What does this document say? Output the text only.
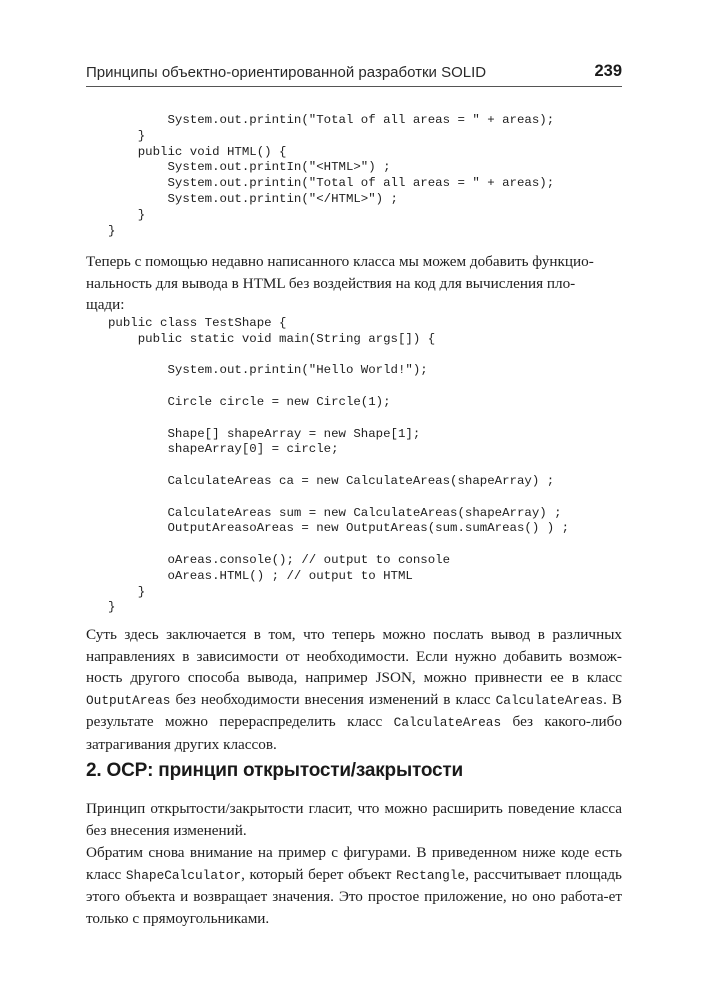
Принципы объектно-ориентированной разработки SOLID	239
System.out.printin("Total of all areas = " + areas);
}
public void HTML() {
System.out.printIn("<HTML>") ;
System.out.printin("Total of all areas = " + areas);
System.out.printin("</HTML>") ;
}
}

Теперь с помощью недавно написанного класса мы можем добавить функцио-
нальность для вывода в HTML без воздействия на код для вычисления пло-
щади:

public class TestShape {
public static void main(String args[]) {

System.out.printin("Hello World!");

Circle circle = new Circle(1);

Shape[] shapeArray = new Shape[1];
shapeArray[0] = circle;

CalculateAreas ca = new CalculateAreas(shapeArray) ;

CalculateAreas sum = new CalculateAreas(shapeArray) ;
OutputAreasoAreas = new OutputAreas(sum.sumAreas() ) ;

oAreas.console(); // output to console
oAreas.HTML() ; // output to HTML
}
}

Суть здесь заключается в том, что теперь можно послать вывод в различных направлениях в зависимости от необходимости. Если нужно добавить возмож-ность другого способа вывода, например JSON, можно привнести ее в класс OutputAreas без необходимости внесения изменений в класс CalculateAreas. В результате можно перераспределить класс CalculateAreas без какого-либо затрагивания других классов.

2. OCP: принцип открытости/закрытости

Принцип открытости/закрытости гласит, что можно расширить поведение класса без внесения изменений.

Обратим снова внимание на пример с фигурами. В приведенном ниже коде есть класс ShapeCalculator, который берет объект Rectangle, рассчитывает площадь этого объекта и возвращает значения. Это простое приложение, но оно работа-ет только с прямоугольниками.
